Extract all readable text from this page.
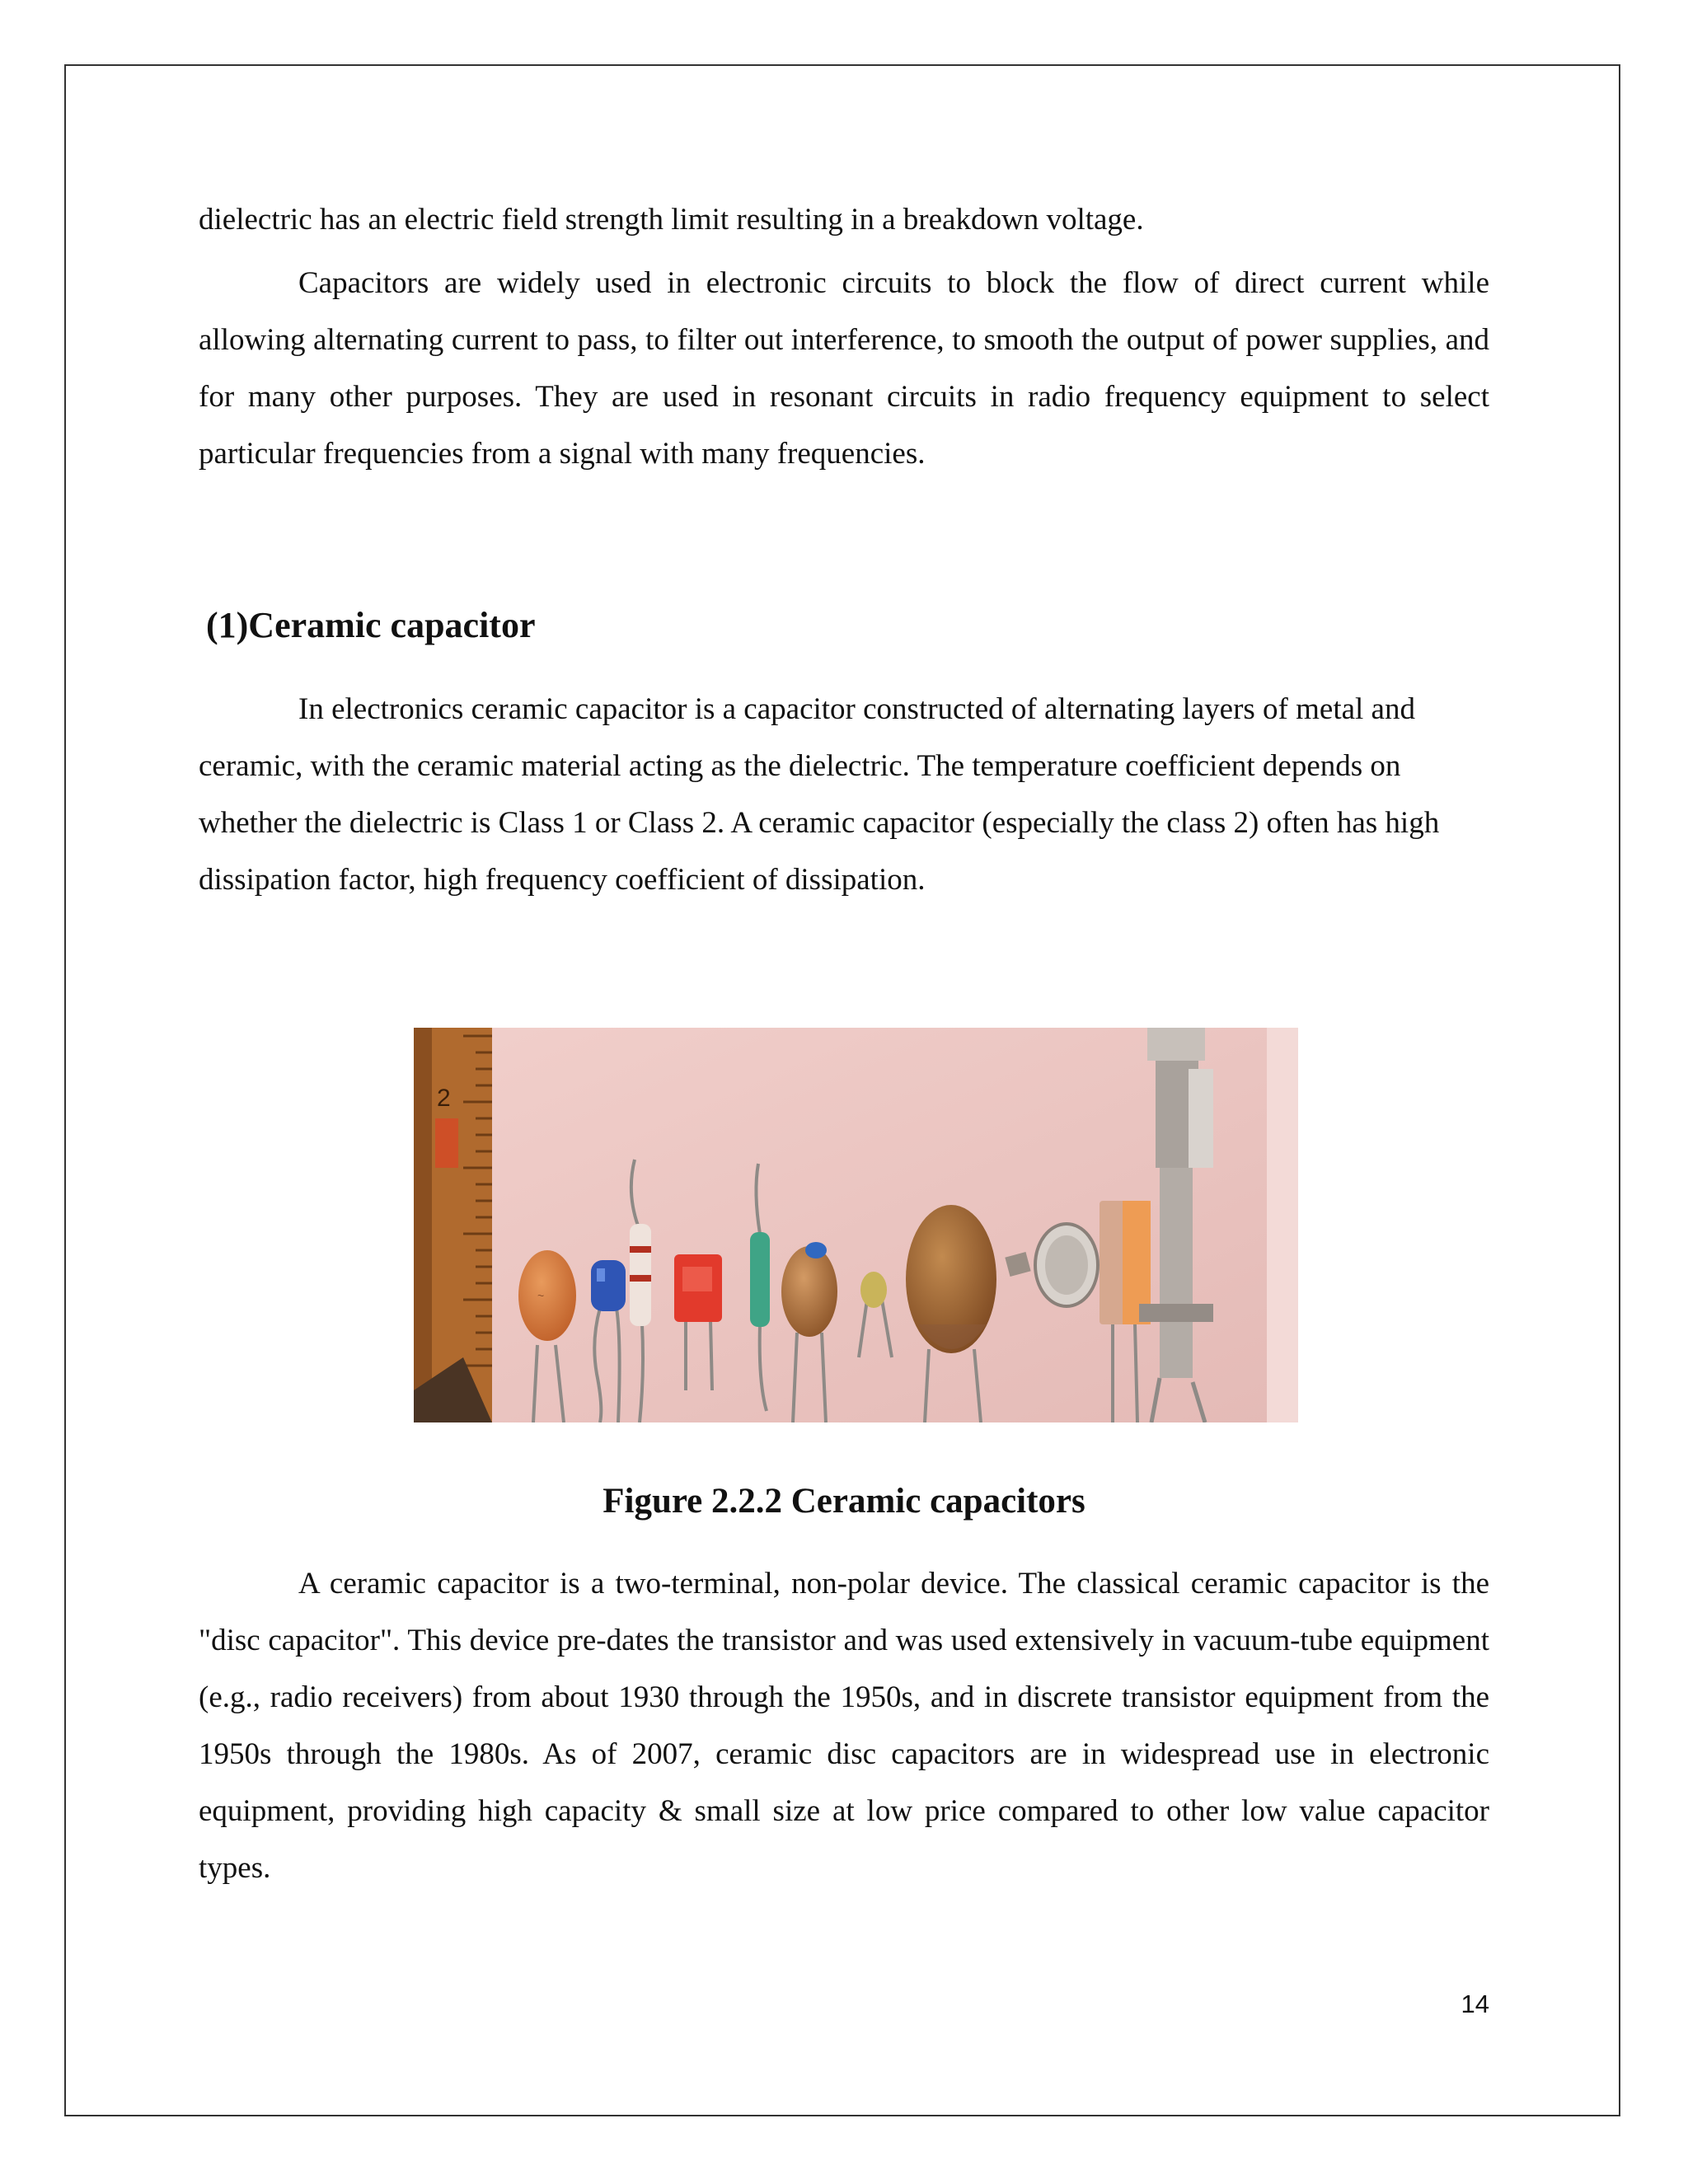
dielectric has an electric field strength limit resulting in a breakdown voltage.

Capacitors are widely used in electronic circuits to block the flow of direct current while allowing alternating current to pass, to filter out interference, to smooth the output of power supplies, and for many other purposes. They are used in resonant circuits in radio frequency equipment to select particular frequencies from a signal with many frequencies.

(1)Ceramic capacitor

In electronics ceramic capacitor is a capacitor constructed of alternating layers of metal and ceramic, with the ceramic material acting as the dielectric. The temperature coefficient depends on whether the dielectric is Class 1 or Class 2. A ceramic capacitor (especially the class 2) often has high dissipation factor, high frequency coefficient of dissipation.

2
~

Figure 2.2.2 Ceramic capacitors

A ceramic capacitor is a two-terminal, non-polar device. The classical ceramic capacitor is the "disc capacitor". This device pre-dates the transistor and was used extensively in vacuum-tube equipment (e.g., radio receivers) from about 1930 through the 1950s, and in discrete transistor equipment from the 1950s through the 1980s. As of 2007, ceramic disc capacitors are in widespread use in electronic equipment, providing high capacity & small size at low price compared to other low value capacitor types.

14
